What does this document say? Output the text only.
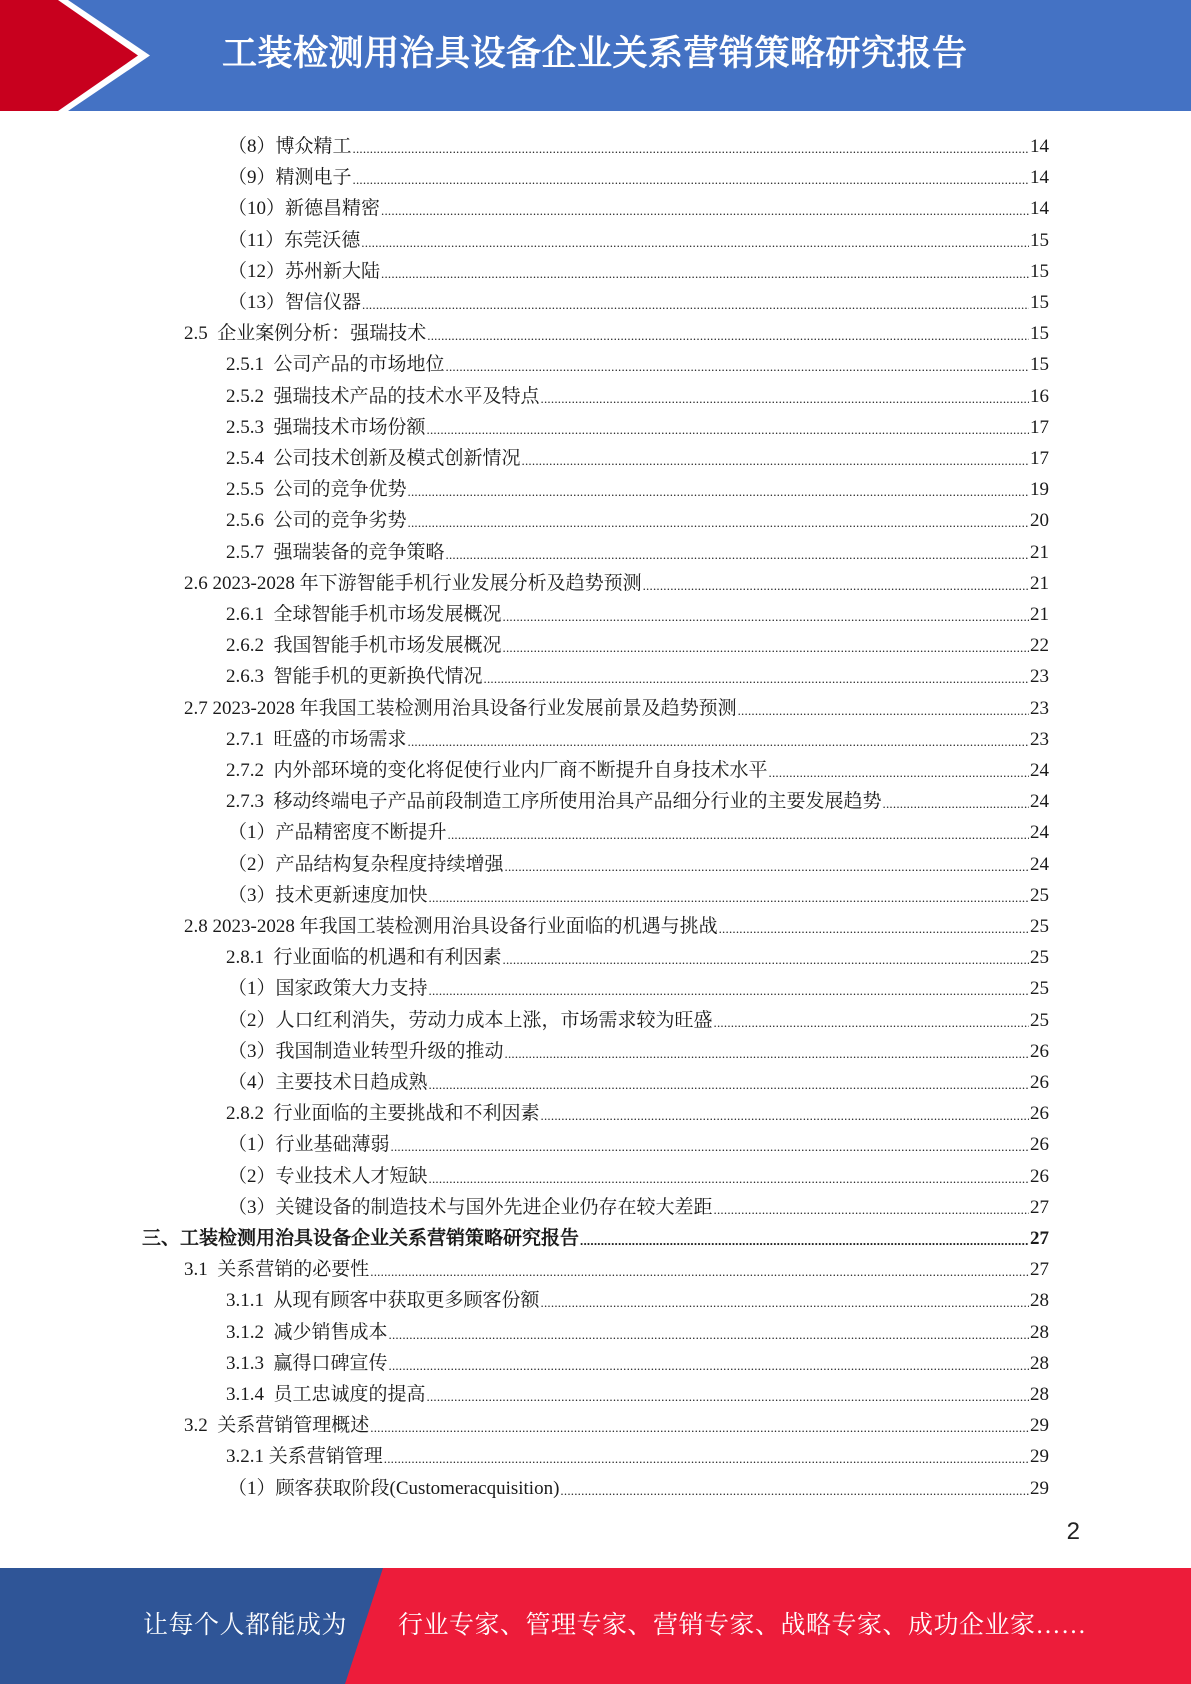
工装检测用治具设备企业关系营销策略研究报告
（8）博众精工 .....	14
（9）精测电子 .....	14
（10）新德昌精密 .....	14
（11）东莞沃德 .....	15
（12）苏州新大陆 .....	15
（13）智信仪器 .....	15
2.5  企业案例分析：强瑞技术 .....	15
2.5.1  公司产品的市场地位 .....	15
2.5.2  强瑞技术产品的技术水平及特点 .....	16
2.5.3  强瑞技术市场份额 .....	17
2.5.4  公司技术创新及模式创新情况 .....	17
2.5.5  公司的竞争优势 .....	19
2.5.6  公司的竞争劣势 .....	20
2.5.7  强瑞装备的竞争策略 .....	21
2.6 2023-2028 年下游智能手机行业发展分析及趋势预测 .....	21
2.6.1  全球智能手机市场发展概况 .....	21
2.6.2  我国智能手机市场发展概况 .....	22
2.6.3  智能手机的更新换代情况 .....	23
2.7 2023-2028 年我国工装检测用治具设备行业发展前景及趋势预测 .....	23
2.7.1  旺盛的市场需求 .....	23
2.7.2  内外部环境的变化将促使行业内厂商不断提升自身技术水平 .....	24
2.7.3  移动终端电子产品前段制造工序所使用治具产品细分行业的主要发展趋势 .....	24
（1）产品精密度不断提升 .....	24
（2）产品结构复杂程度持续增强 .....	24
（3）技术更新速度加快 .....	25
2.8 2023-2028 年我国工装检测用治具设备行业面临的机遇与挑战 .....	25
2.8.1  行业面临的机遇和有利因素 .....	25
（1）国家政策大力支持 .....	25
（2）人口红利消失，劳动力成本上涨，市场需求较为旺盛 .....	25
（3）我国制造业转型升级的推动 .....	26
（4）主要技术日趋成熟 .....	26
2.8.2  行业面临的主要挑战和不利因素 .....	26
（1）行业基础薄弱 .....	26
（2）专业技术人才短缺 .....	26
（3）关键设备的制造技术与国外先进企业仍存在较大差距 .....	27
三、工装检测用治具设备企业关系营销策略研究报告 .....	27
3.1  关系营销的必要性 .....	27
3.1.1  从现有顾客中获取更多顾客份额 .....	28
3.1.2  减少销售成本 .....	28
3.1.3  赢得口碑宣传 .....	28
3.1.4  员工忠诚度的提高 .....	28
3.2  关系营销管理概述 .....	29
3.2.1 关系营销管理 .....	29
（1）顾客获取阶段(Customeracquisition) .....	29
2
让每个人都能成为 行业专家、管理专家、营销专家、战略专家、成功企业家……
